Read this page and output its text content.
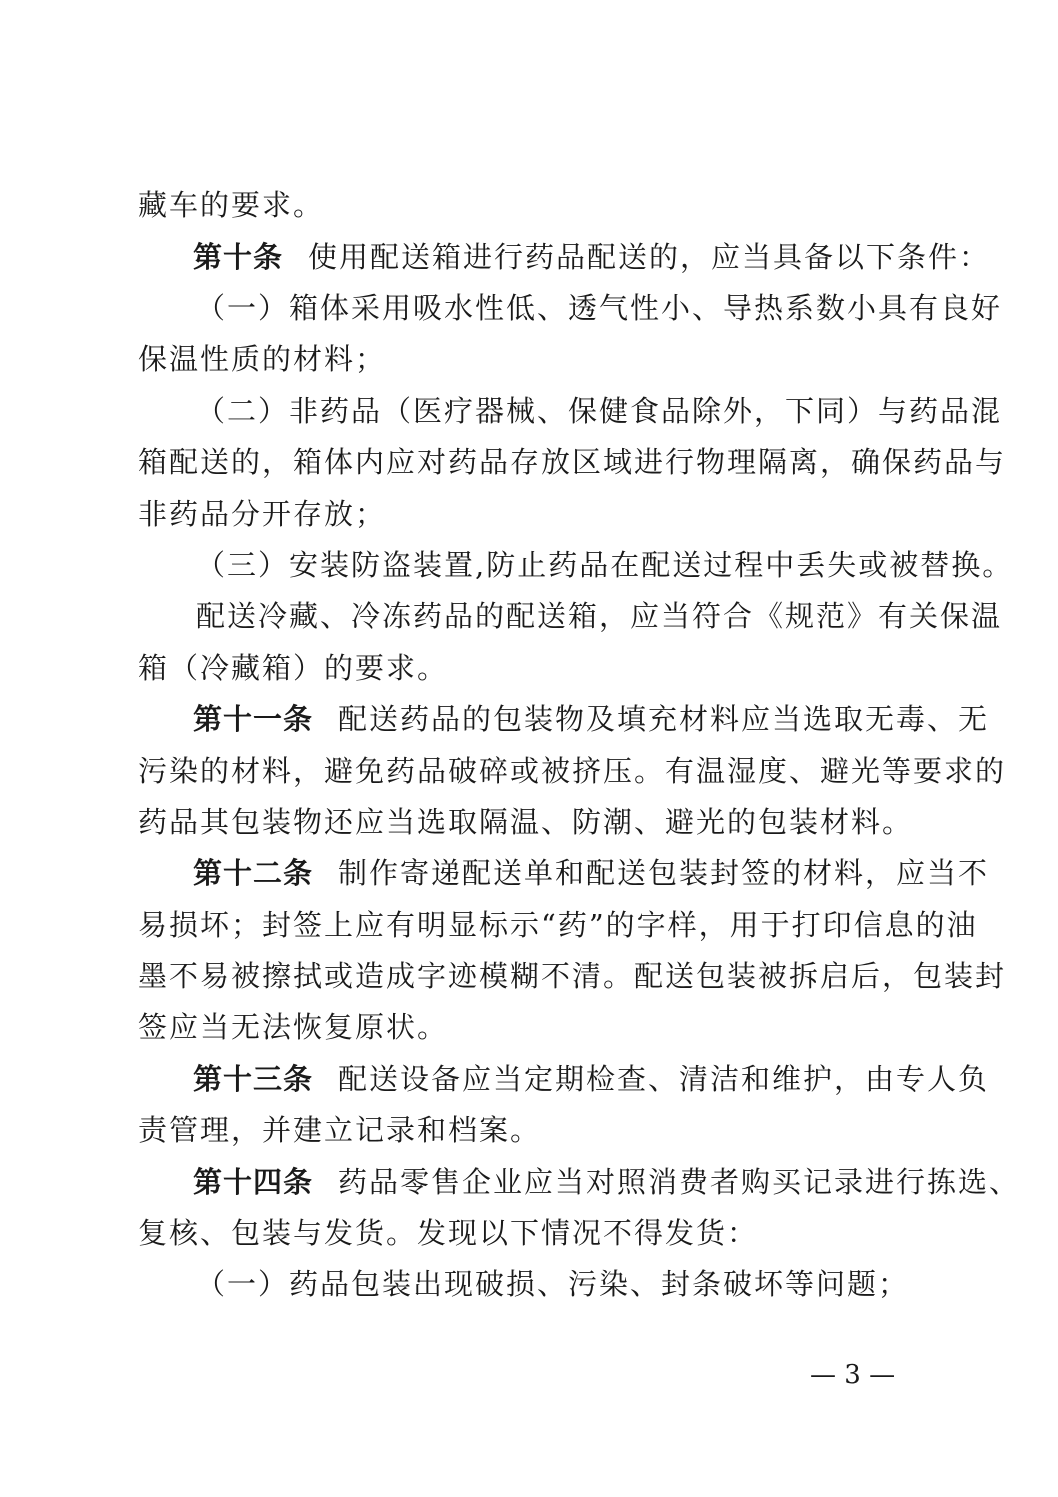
藏车的要求。
第十条 使用配送箱进行药品配送的，应当具备以下条件：
（一）箱体采用吸水性低、透气性小、导热系数小具有良好
保温性质的材料；
（二）非药品（医疗器械、保健食品除外，下同）与药品混
箱配送的，箱体内应对药品存放区域进行物理隔离，确保药品与
非药品分开存放；
（三）安装防盗装置,防止药品在配送过程中丢失或被替换。
配送冷藏、冷冻药品的配送箱，应当符合《规范》有关保温
箱（冷藏箱）的要求。
第十一条 配送药品的包装物及填充材料应当选取无毒、无
污染的材料，避免药品破碎或被挤压。有温湿度、避光等要求的
药品其包装物还应当选取隔温、防潮、避光的包装材料。
第十二条 制作寄递配送单和配送包装封签的材料，应当不
易损坏；封签上应有明显标示“药”的字样，用于打印信息的油
墨不易被擦拭或造成字迹模糊不清。配送包装被拆启后，包装封
签应当无法恢复原状。
第十三条 配送设备应当定期检查、清洁和维护，由专人负
责管理，并建立记录和档案。
第十四条 药品零售企业应当对照消费者购买记录进行拣选、
复核、包装与发货。发现以下情况不得发货：
（一）药品包装出现破损、污染、封条破坏等问题；
— 3 —
